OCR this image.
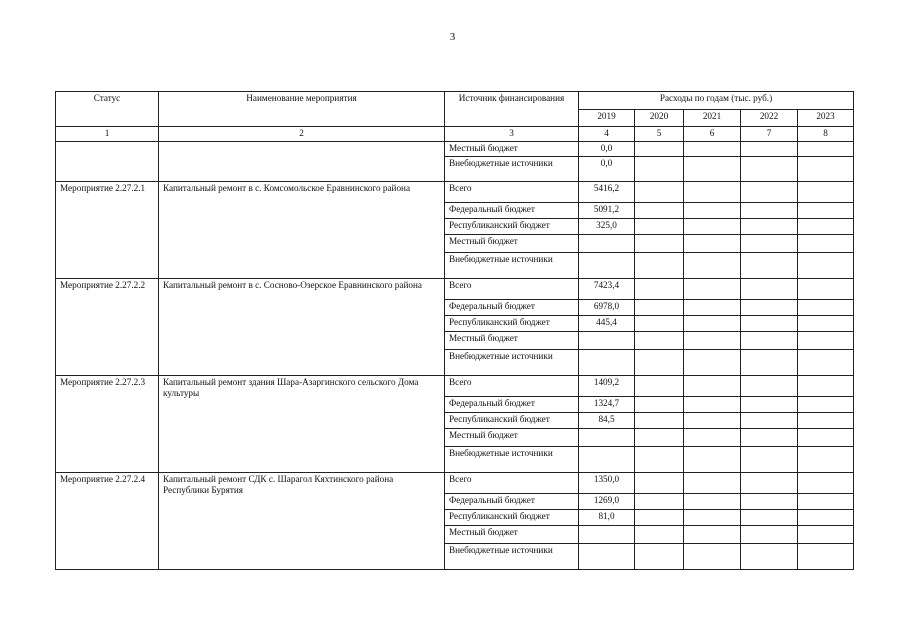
3
Статус	Наименование мероприятия	Источник финансирования	Расходы по годам (тыс. руб.)				
			2019	2020	2021	2022	2023
1	2	3	4	5	6	7	8
		Местный бюджет	0,0				
		Внебюджетные источники	0,0				
Мероприятие 2.27.2.1	Капитальный ремонт в с. Комсомольское Еравнинского района	Всего	5416,2				
		Федеральный бюджет	5091,2				
		Республиканский бюджет	325,0				
		Местный бюджет					
		Внебюджетные источники					
Мероприятие 2.27.2.2	Капитальный ремонт в с. Сосново-Озерское Еравнинского района	Всего	7423,4				
		Федеральный бюджет	6978,0				
		Республиканский бюджет	445,4				
		Местный бюджет					
		Внебюджетные источники					
Мероприятие 2.27.2.3	Капитальный ремонт здания Шара-Азаргинского сельского Дома культуры	Всего	1409,2				
		Федеральный бюджет	1324,7				
		Республиканский бюджет	84,5				
		Местный бюджет					
		Внебюджетные источники					
Мероприятие 2.27.2.4	Капитальный ремонт СДК с. Шарагол Кяхтинского района Республики Бурятия	Всего	1350,0				
		Федеральный бюджет	1269,0				
		Республиканский бюджет	81,0				
		Местный бюджет					
		Внебюджетные источники					
